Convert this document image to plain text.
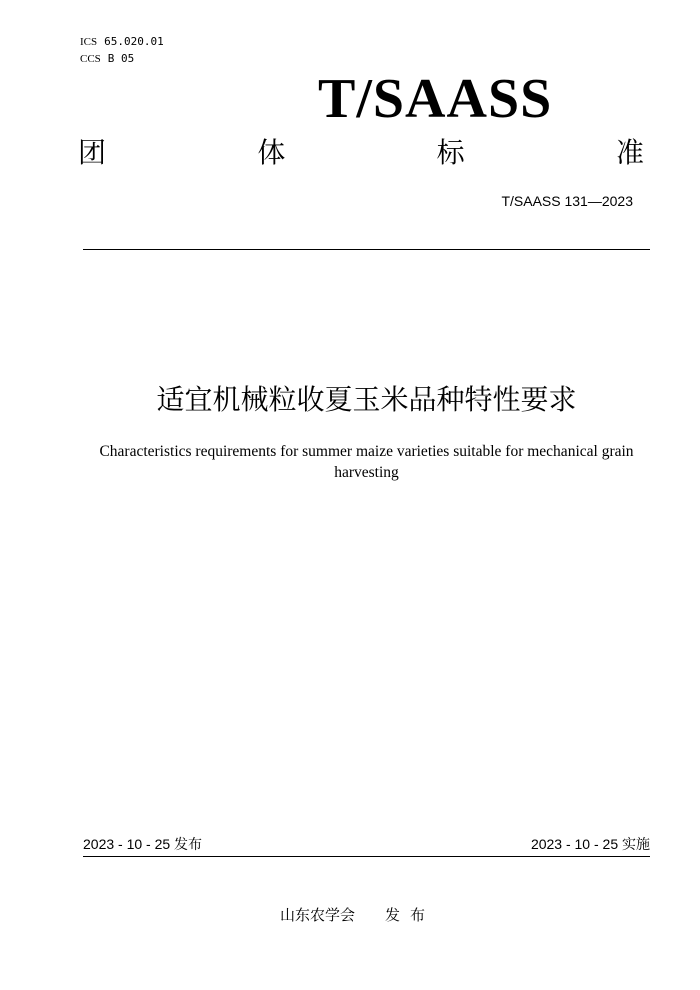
ICS 65.020.01
CCS B 05
T/SAASS
团	体	标	准
T/SAASS 131—2023
适宜机械粒收夏玉米品种特性要求
Characteristics requirements for summer maize varieties suitable for mechanical grain harvesting
2023 - 10 - 25 发布	2023 - 10 - 25 实施
山东农学会 发布
